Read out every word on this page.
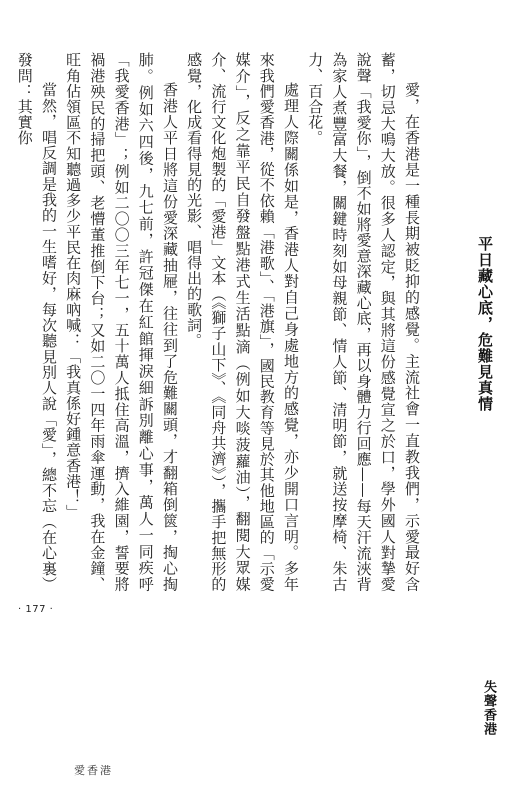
平日藏心底，危難見真情

愛，在香港是一種長期被貶抑的感覺。主流社會一直教我們，示愛最好含蓄，切忌大鳴大放。很多人認定，與其將這份感覺宣之於口，學外國人對摯愛說聲「我愛你」，倒不如將愛意深藏心底，再以身體力行回應——每天汗流浹背為家人煮豐富大餐，關鍵時刻如母親節、情人節、清明節，就送按摩椅、朱古力、百合花。

處理人際關係如是，香港人對自己身處地方的感覺，亦少開口言明。多年來我們愛香港，從不依賴「港歌」、「港旗」，國民教育等見於其他地區的「示愛媒介」，反之靠平民自發盤點港式生活點滴（例如大啖菠蘿油），翻閱大眾媒介、流行文化炮製的「愛港」文本（《獅子山下》、《同舟共濟》），攜手把無形的感覺，化成看得見的光影、唱得出的歌詞。

香港人平日將這份愛深藏抽屜，往往到了危難關頭，才翻箱倒篋，掏心掏肺。例如六四後，九七前，許冠傑在紅館揮淚細訴別離心事，萬人一同疾呼「我愛香港」；例如二〇〇三年七一，五十萬人抵住高溫，擠入維園，誓要將禍港殃民的掃把頭、老懵董推倒下台；又如二〇一四年雨傘運動，我在金鐘、旺角佔領區不知聽過多少平民在肉麻吶喊：「我真係好鍾意香港！」

當然，唱反調是我的一生嗜好，每次聽見別人說「愛」，總不忘（在心裏）發問：其實你

· 177 ·
失聲香港
愛香港
